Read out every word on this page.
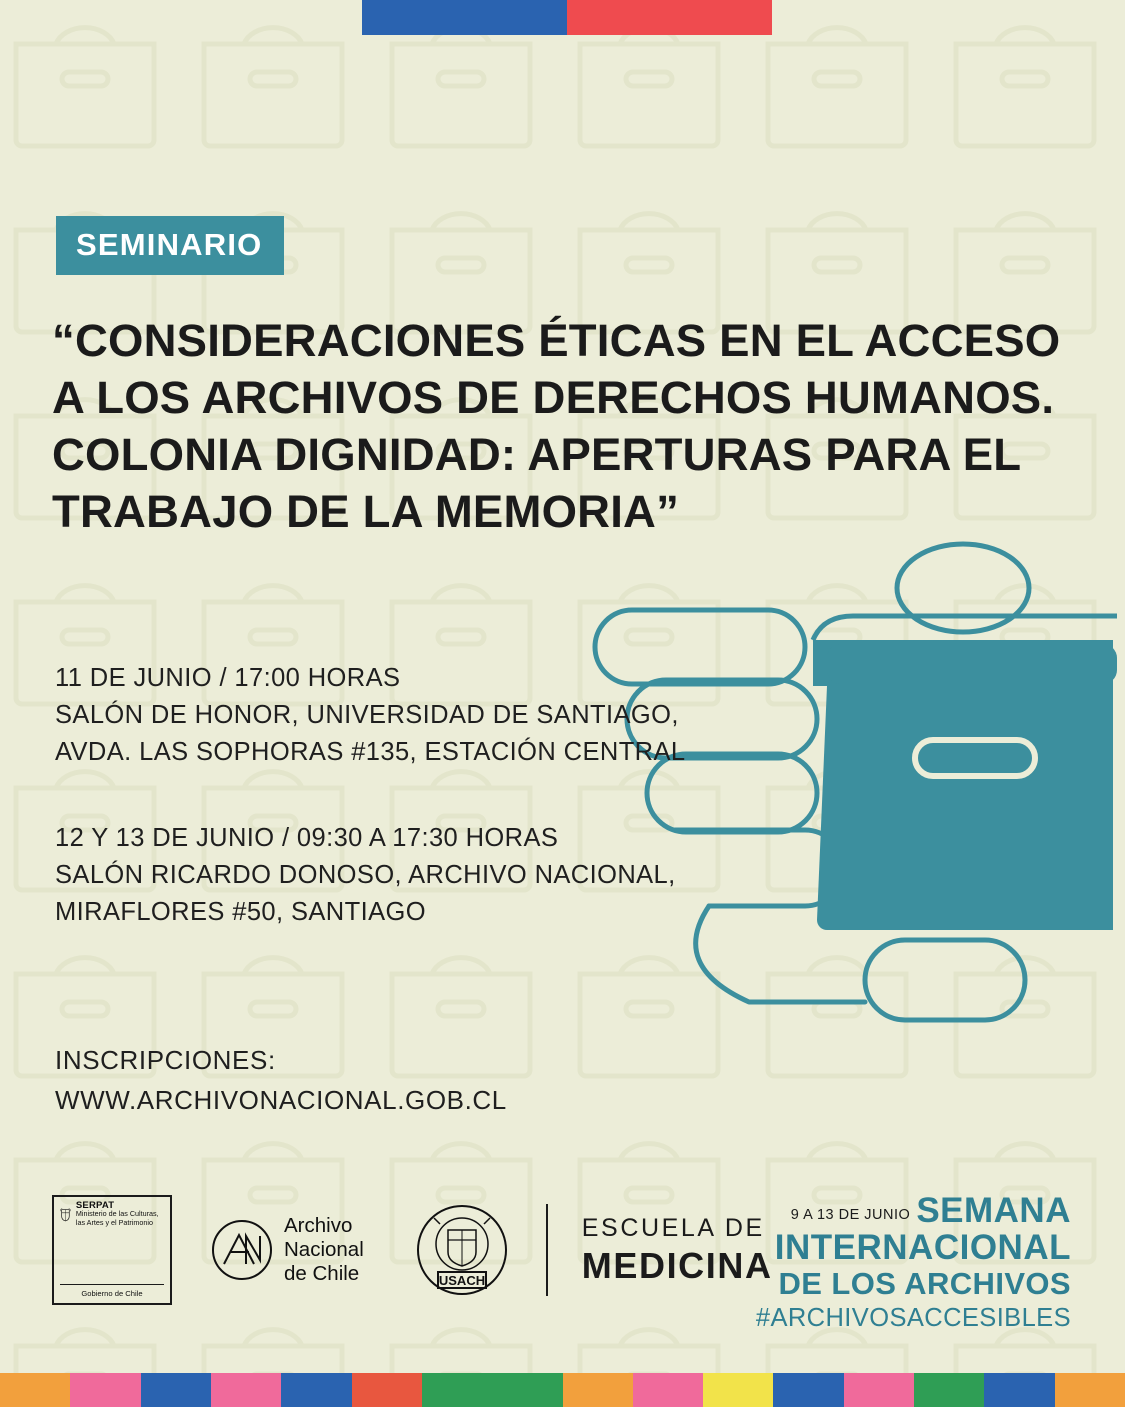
SEMINARIO
“CONSIDERACIONES ÉTICAS EN EL ACCESO A LOS ARCHIVOS DE DERECHOS HUMANOS. COLONIA DIGNIDAD: APERTURAS PARA EL TRABAJO DE LA MEMORIA”
11 DE JUNIO / 17:00 HORAS
SALÓN DE HONOR, UNIVERSIDAD DE SANTIAGO,
AVDA. LAS SOPHORAS #135, ESTACIÓN CENTRAL
12 Y 13 DE JUNIO / 09:30 A 17:30 HORAS
SALÓN RICARDO DONOSO, ARCHIVO NACIONAL,
MIRAFLORES #50, SANTIAGO
INSCRIPCIONES:
WWW.ARCHIVONACIONAL.GOB.CL
SERPAT
Ministerio de las Culturas, las Artes y el Patrimonio
Gobierno de Chile
Archivo
Nacional
de Chile	USACH
ESCUELA DE
MEDICINA
9 A 13 DE JUNIO SEMANA
INTERNACIONAL
DE LOS ARCHIVOS
#ARCHIVOSACCESIBLES
